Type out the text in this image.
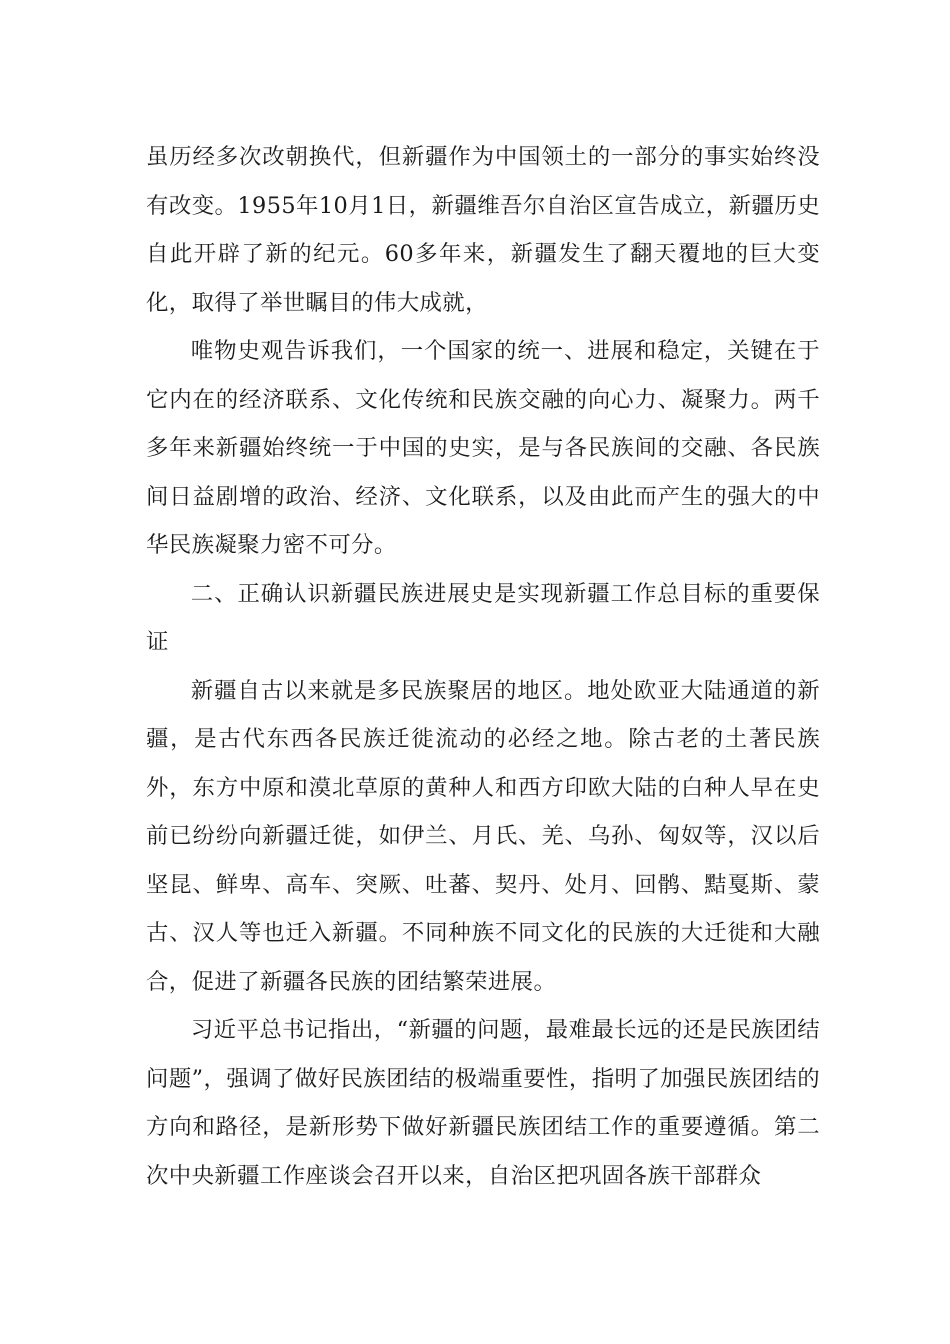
虽历经多次改朝换代，但新疆作为中国领土的一部分的事实始终没有改变。1955年10月1日，新疆维吾尔自治区宣告成立，新疆历史自此开辟了新的纪元。60多年来，新疆发生了翻天覆地的巨大变化，取得了举世瞩目的伟大成就，

唯物史观告诉我们，一个国家的统一、进展和稳定，关键在于它内在的经济联系、文化传统和民族交融的向心力、凝聚力。两千多年来新疆始终统一于中国的史实，是与各民族间的交融、各民族间日益剧增的政治、经济、文化联系，以及由此而产生的强大的中华民族凝聚力密不可分。

二、正确认识新疆民族进展史是实现新疆工作总目标的重要保证

新疆自古以来就是多民族聚居的地区。地处欧亚大陆通道的新疆，是古代东西各民族迁徙流动的必经之地。除古老的土著民族外，东方中原和漠北草原的黄种人和西方印欧大陆的白种人早在史前已纷纷向新疆迁徙，如伊兰、月氏、羌、乌孙、匈奴等，汉以后坚昆、鲜卑、高车、突厥、吐蕃、契丹、处月、回鹘、黠戛斯、蒙古、汉人等也迁入新疆。不同种族不同文化的民族的大迁徙和大融合，促进了新疆各民族的团结繁荣进展。

习近平总书记指出，“新疆的问题，最难最长远的还是民族团结问题”，强调了做好民族团结的极端重要性，指明了加强民族团结的方向和路径，是新形势下做好新疆民族团结工作的重要遵循。第二次中央新疆工作座谈会召开以来，自治区把巩固各族干部群众
